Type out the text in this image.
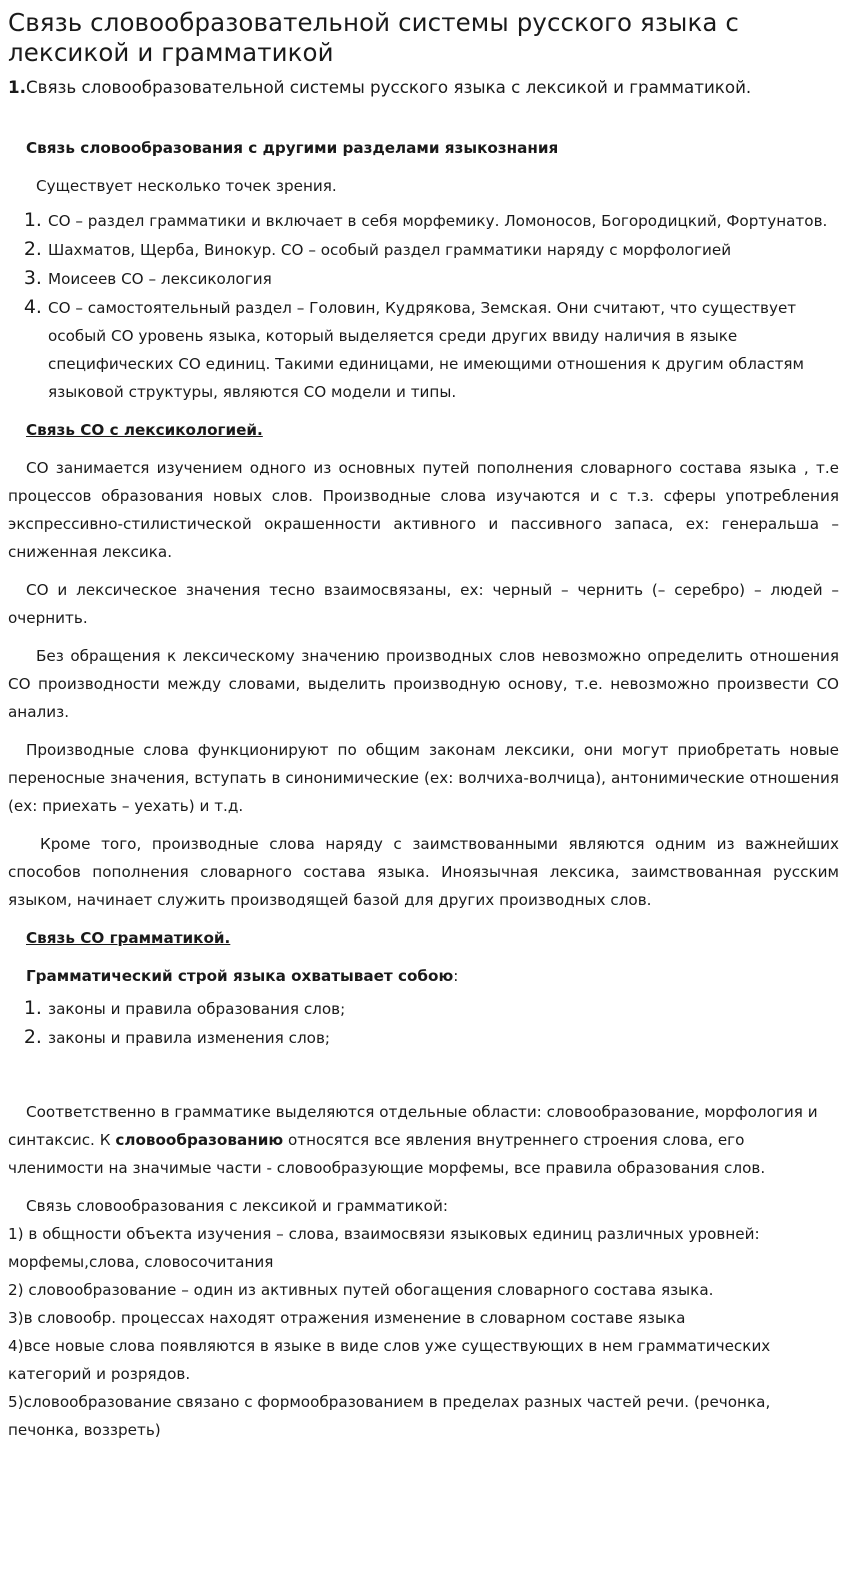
Связь словообразовательной системы русского языка с лексикой и грамматикой
1.Связь словообразовательной системы русского языка с лексикой и грамматикой.

Связь словообразования с другими разделами языкознания

Существует несколько точек зрения.

1. СО – раздел грамматики и включает в себя морфемику. Ломоносов, Богородицкий, Фортунатов.
2. Шахматов, Щерба, Винокур. СО – особый раздел грамматики наряду с морфологией
3. Моисеев СО – лексикология
4. СО – самостоятельный раздел – Головин, Кудрякова, Земская. Они считают, что существует особый СО уровень языка, который выделяется среди других ввиду наличия в языке специфических СО единиц. Такими единицами, не имеющими отношения к другим областям языковой структуры, являются СО модели и типы.

Связь СО с лексикологией.

СО занимается изучением одного из основных путей пополнения словарного состава языка , т.е процессов образования новых слов. Производные слова изучаются и с т.з. сферы употребления экспрессивно-стилистической окрашенности активного и пассивного запаса, ех: генеральша – сниженная лексика.

СО и лексическое значения тесно взаимосвязаны, ех: черный – чернить (– серебро) – людей – очернить.

Без обращения к лексическому значению производных слов невозможно определить отношения СО производности между словами, выделить производную основу, т.е. невозможно произвести СО анализ.

Производные слова функционируют по общим законам лексики, они могут приобретать новые переносные значения, вступать в синонимические (ех: волчиха-волчица), антонимические отношения (ех: приехать – уехать) и т.д.

Кроме того, производные слова наряду с заимствованными являются одним из важнейших способов пополнения словарного состава языка. Иноязычная лексика, заимствованная русским языком, начинает служить производящей базой для других производных слов.

Связь СО грамматикой.

Грамматический строй языка охватывает собою:

1. законы и правила образования слов;
2. законы и правила изменения слов;

Соответственно в грамматике выделяются отдельные области: словообразование, морфология и синтаксис. К словообразованию относятся все явления внутреннего строения слова, его членимости на значимые части - словообразующие морфемы, все правила образования слов.

Связь словообразования с лексикой и грамматикой:

1) в общности объекта изучения – слова, взаимосвязи языковых единиц различных уровней: морфемы,слова, словосочитания

2) словообразование – один из активных путей обогащения словарного состава языка.

3)в словообр. процессах находят отражения изменение в словарном составе языка

4)все новые слова появляются в языке в виде слов уже существующих в нем грамматических категорий и розрядов.

5)словообразование связано с формообразованием в пределах разных частей речи. (речонка, печонка, воззреть)
